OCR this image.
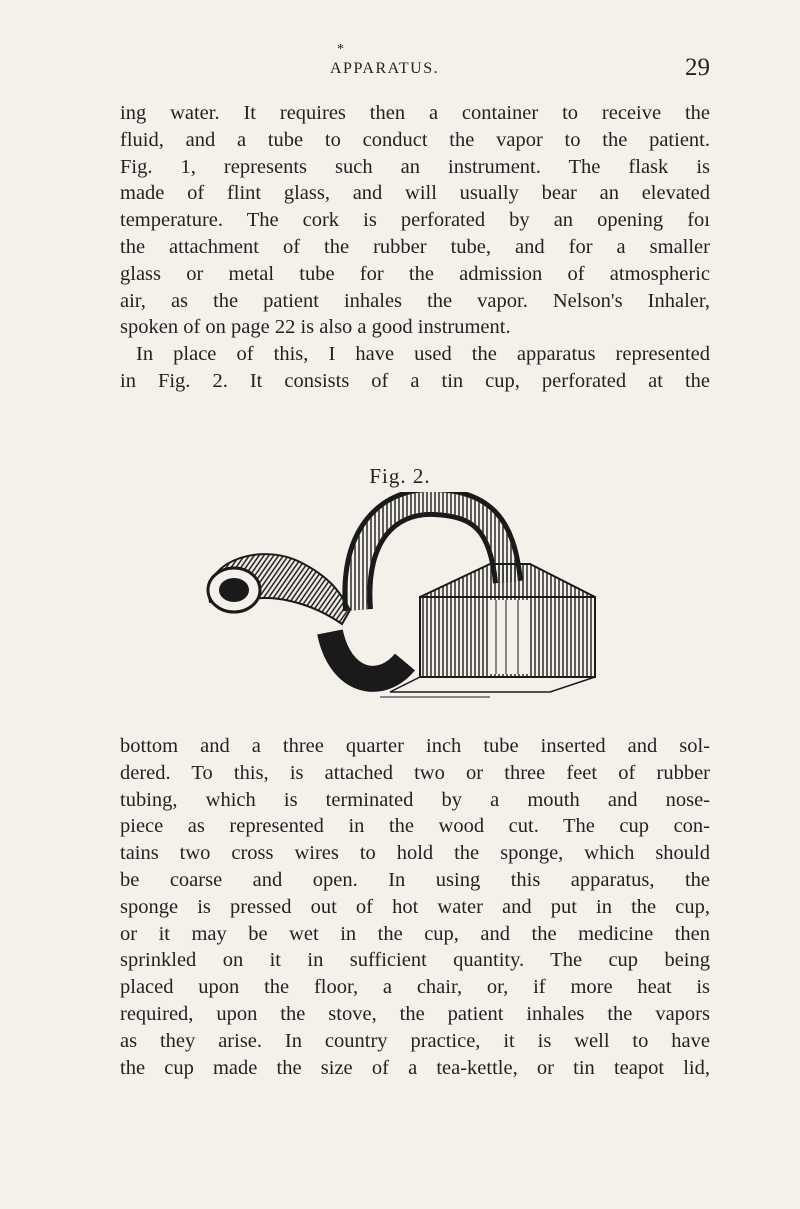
*
APPARATUS.	29
ing water. It requires then a container to receive the
fluid, and a tube to conduct the vapor to the patient.
Fig. 1, represents such an instrument. The flask is
made of flint glass, and will usually bear an elevated
temperature. The cork is perforated by an opening foı
the attachment of the rubber tube, and for a smaller
glass or metal tube for the admission of atmospheric
air, as the patient inhales the vapor. Nelson's Inhaler,
spoken of on page 22 is also a good instrument.
In place of this, I have used the apparatus represented
in Fig. 2. It consists of a tin cup, perforated at the
Fig. 2.
bottom and a three quarter inch tube inserted and sol-
dered. To this, is attached two or three feet of rubber
tubing, which is terminated by a mouth and nose-
piece as represented in the wood cut. The cup con-
tains two cross wires to hold the sponge, which should
be coarse and open. In using this apparatus, the
sponge is pressed out of hot water and put in the cup,
or it may be wet in the cup, and the medicine then
sprinkled on it in sufficient quantity. The cup being
placed upon the floor, a chair, or, if more heat is
required, upon the stove, the patient inhales the vapors
as they arise. In country practice, it is well to have
the cup made the size of a tea-kettle, or tin teapot lid,
